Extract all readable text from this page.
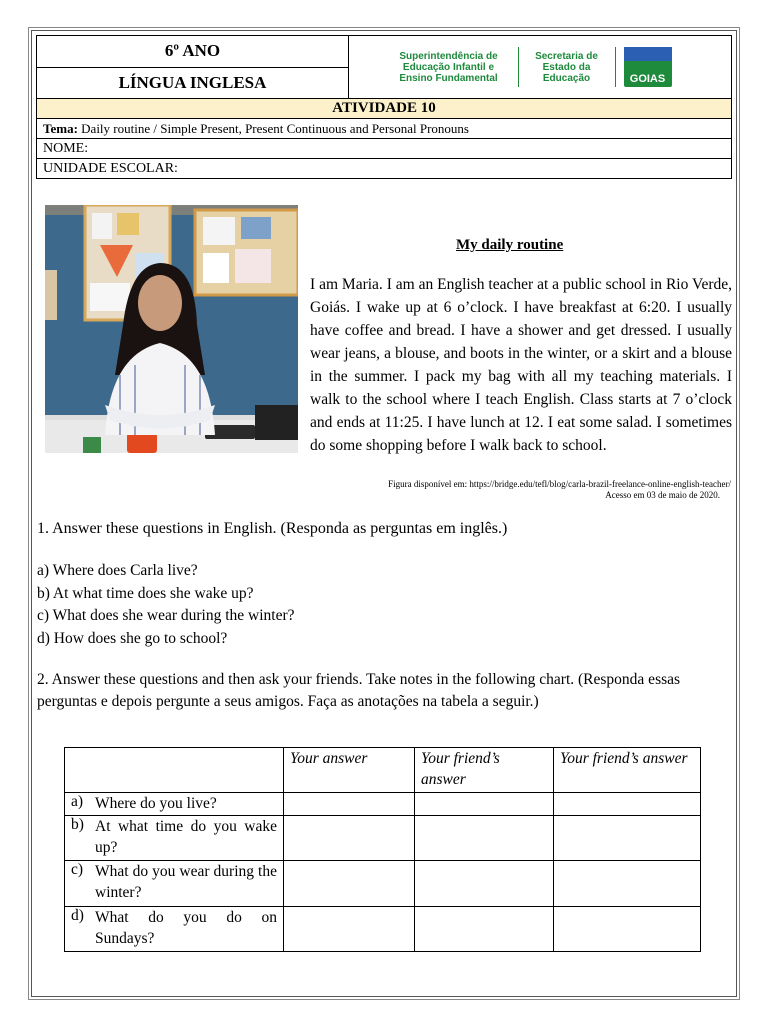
6º ANO
LÍNGUA INGLESA
Superintendência de Educação Infantil e Ensino Fundamental
Secretaria de Estado da Educação	GOIAS

ATIVIDADE 10
Tema: Daily routine / Simple Present, Present Continuous and Personal Pronouns
NOME:
UNIDADE ESCOLAR:
My daily routine

I am Maria. I am an English teacher at a public school in Rio Verde, Goiás. I wake up at 6 o’clock. I have breakfast at 6:20. I usually have coffee and bread. I have a shower and get dressed. I usually wear jeans, a blouse, and boots in the winter, or a skirt and a blouse in the summer. I pack my bag with all my teaching materials. I walk to the school where I teach English. Class starts at 7 o’clock and ends at 11:25. I have lunch at 12. I eat some salad. I sometimes do some shopping before I walk back to school.

Figura disponível em: https://bridge.edu/tefl/blog/carla-brazil-freelance-online-english-teacher/
Acesso em 03 de maio de 2020.
1. Answer these questions in English. (Responda as perguntas em inglês.)
a) Where does Carla live?
b) At what time does she wake up?
c) What does she wear during the winter?
d) How does she go to school?
2. Answer these questions and then ask your friends. Take notes in the following chart. (Responda essas perguntas e depois pergunte a seus amigos. Faça as anotações na tabela a seguir.)
	Your answer	Your friend’s answer	Your friend’s answer

a) Where do you live?			

b) At what time do you wake up?			

c) What do you wear during the winter?			

d) What do you do on Sundays?			
